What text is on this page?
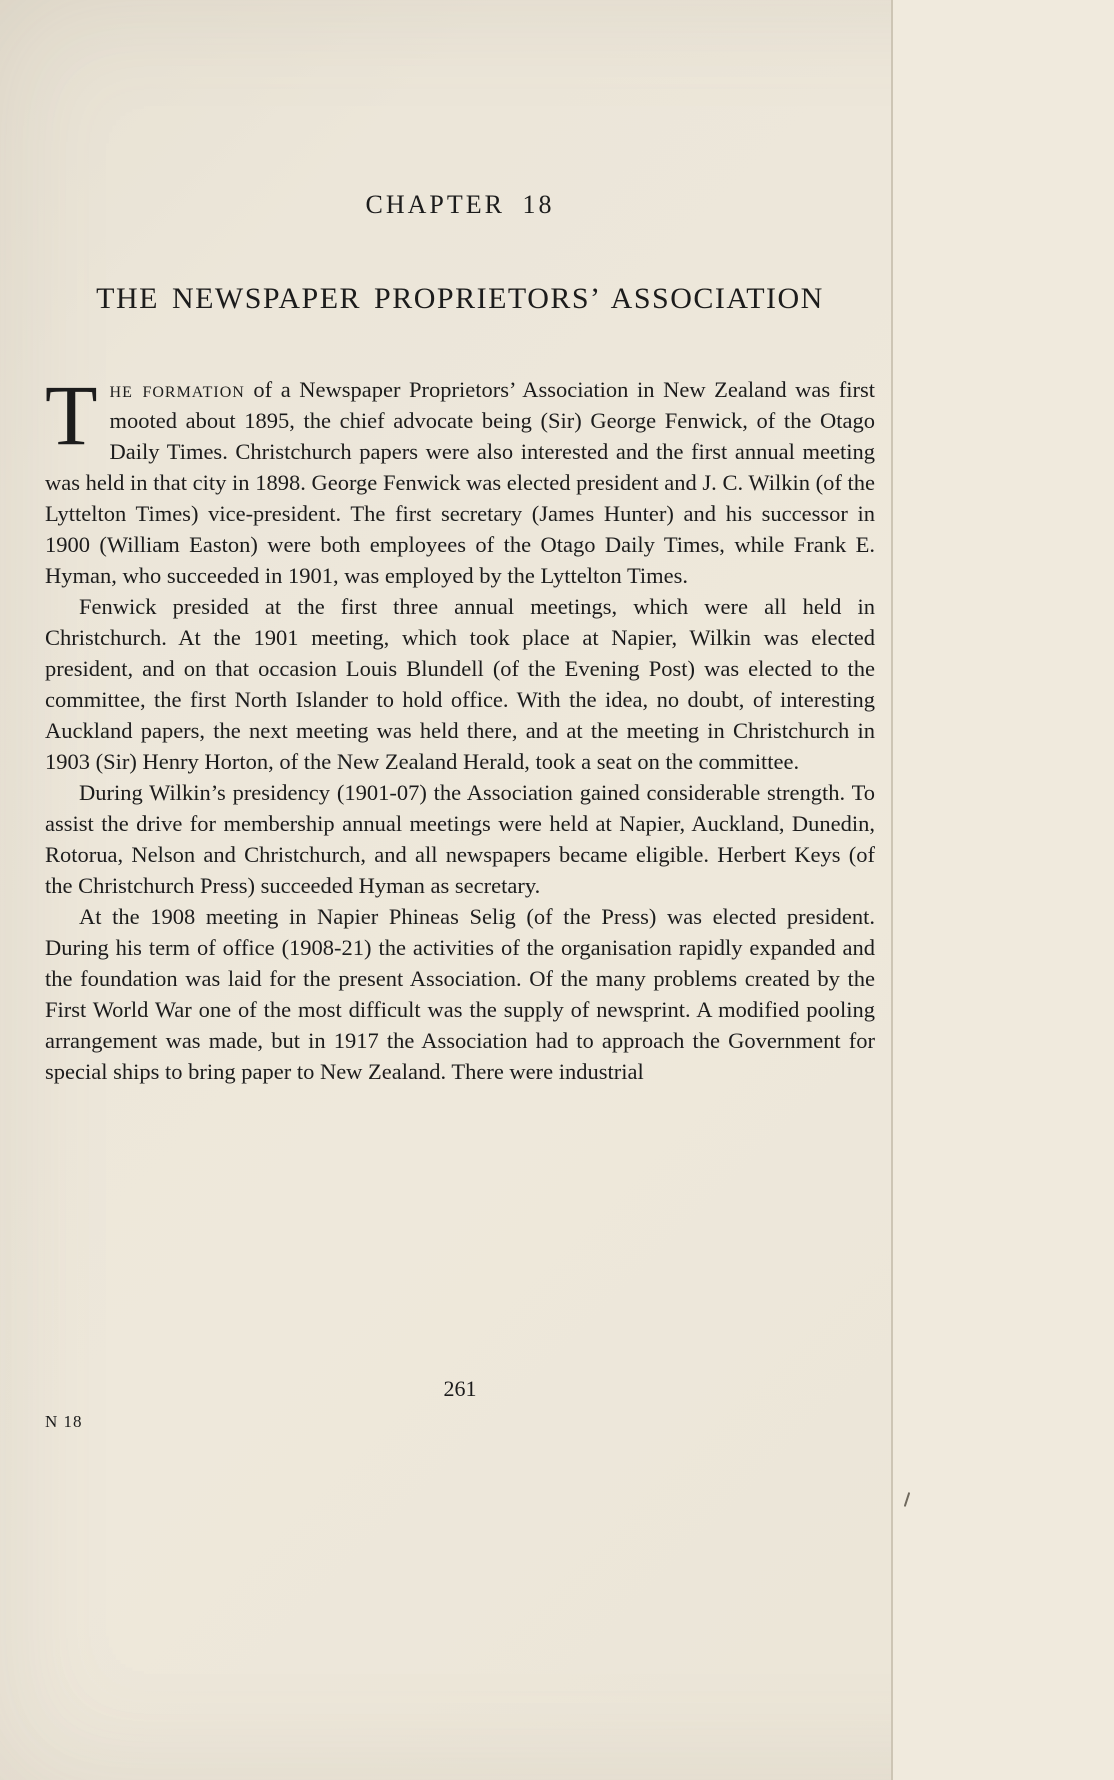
CHAPTER 18
THE NEWSPAPER PROPRIETORS’ ASSOCIATION

The formation of a Newspaper Proprietors’ Association in New Zealand was first mooted about 1895, the chief advocate being (Sir) George Fenwick, of the Otago Daily Times. Christchurch papers were also interested and the first annual meeting was held in that city in 1898. George Fenwick was elected president and J. C. Wilkin (of the Lyttelton Times) vice-president. The first secretary (James Hunter) and his successor in 1900 (William Easton) were both employees of the Otago Daily Times, while Frank E. Hyman, who succeeded in 1901, was employed by the Lyttelton Times.

Fenwick presided at the first three annual meetings, which were all held in Christchurch. At the 1901 meeting, which took place at Napier, Wilkin was elected president, and on that occasion Louis Blundell (of the Evening Post) was elected to the committee, the first North Islander to hold office. With the idea, no doubt, of interesting Auckland papers, the next meeting was held there, and at the meeting in Christchurch in 1903 (Sir) Henry Horton, of the New Zealand Herald, took a seat on the committee.

During Wilkin’s presidency (1901-07) the Association gained considerable strength. To assist the drive for membership annual meetings were held at Napier, Auckland, Dunedin, Rotorua, Nelson and Christchurch, and all newspapers became eligible. Herbert Keys (of the Christchurch Press) succeeded Hyman as secretary.

At the 1908 meeting in Napier Phineas Selig (of the Press) was elected president. During his term of office (1908-21) the activities of the organisation rapidly expanded and the foundation was laid for the present Association. Of the many problems created by the First World War one of the most difficult was the supply of newsprint. A modified pooling arrangement was made, but in 1917 the Association had to approach the Government for special ships to bring paper to New Zealand. There were industrial

261
N 18
